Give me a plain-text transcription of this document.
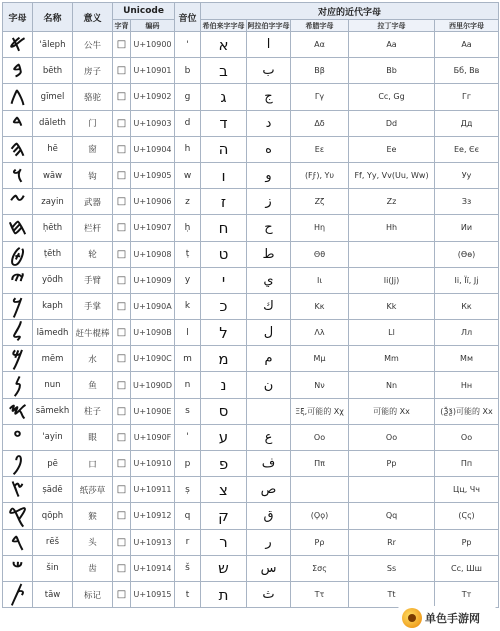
字母	名称	意义	Unicode		音位	对应的近代字母				
			字背	编码		希伯来字字母	阿拉伯字字母	希腊字母	拉丁字母	西里尔字母
𐤀	'āleph	公牛	□	U+10900	'	א	ا	Αα	Aa	Аа
𐤁	bēth	房子	□	U+10901	b	ב	ب	Ββ	Bb	Бб, Вв
𐤂	gīmel	骆驼	□	U+10902	g	ג	ج	Γγ	Cc, Gg	Гг
𐤃	dāleth	门	□	U+10903	d	ד	د	Δδ	Dd	Дд
𐤄	hē	窗	□	U+10904	h	ה	ه	Εε	Ee	Ее, Єє
𐤅	wāw	钩	□	U+10905	w	ו	و	(Ϝϝ), Υυ	Ff, Yy, Vv(Uu, Ww)	Уу
𐤆	zayin	武器	□	U+10906	z	ז	ز	Ζζ	Zz	Зз
𐤇	ḥēth	栏杆	□	U+10907	ḥ	ח	ح	Ηη	Hh	Ии
𐤈	ṭēth	轮	□	U+10908	ṭ	ט	ط	Θθ		(Ѳѳ)
𐤉	yōdh	手臂	□	U+10909	y	י	ي	Ιι	Ii(Jj)	Іі, Її, Јј
𐤊	kaph	手掌	□	U+1090A	k	כ	ك	Κκ	Kk	Кк
𐤋	lāmedh	赶牛棍棒	□	U+1090B	l	ל	ل	Λλ	Ll	Лл
𐤌	mēm	水	□	U+1090C	m	מ	م	Μμ	Mm	Мм
𐤍	nun	鱼	□	U+1090D	n	נ	ن	Νν	Nn	Нн
𐤎	sāmekh	柱子	□	U+1090E	s	ס		Ξξ,可能的 Χχ	可能的 Xx	(Ѯѯ)可能的 Хх
𐤏	'ayin	眼	□	U+1090F	'	ע	ع	Οο	Oo	Оо
𐤐	pē	口	□	U+10910	p	פ	ف	Ππ	Pp	Пп
𐤑	ṣādē	纸莎草	□	U+10911	ṣ	צ	ص			Цц, Чч
𐤒	qōph	猴	□	U+10912	q	ק	ق	(Ϙϙ)	Qq	(Ҁҁ)
𐤓	rēš	头	□	U+10913	r	ר	ر	Ρρ	Rr	Рр
𐤔	šin	齿	□	U+10914	š	ש	س	Σσς	Ss	Сс, Шш
𐤕	tāw	标记	□	U+10915	t	ת	ث	Ττ	Tt	Тт
单色手游网
